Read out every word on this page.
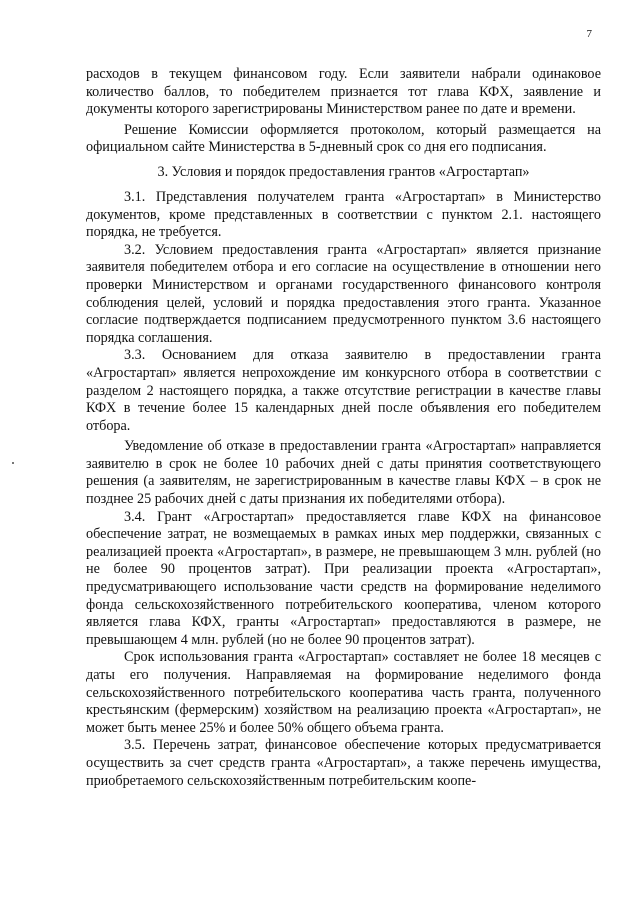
7

расходов в текущем финансовом году. Если заявители набрали одинаковое количество баллов, то победителем признается тот глава КФХ, заявление и документы которого зарегистрированы Министерством ранее по дате и времени.

Решение Комиссии оформляется протоколом, который размещается на официальном сайте Министерства в 5-дневный срок со дня его подписания.

3. Условия и порядок предоставления грантов «Агростартап»

3.1. Представления получателем гранта «Агростартап» в Министерство документов, кроме представленных в соответствии с пунктом 2.1. настоящего порядка, не требуется.

3.2. Условием предоставления гранта «Агростартап» является признание заявителя победителем отбора и его согласие на осуществление в отношении него проверки Министерством и органами государственного финансового контроля соблюдения целей, условий и порядка предоставления этого гранта. Указанное согласие подтверждается подписанием предусмотренного пунктом 3.6 настоящего порядка соглашения.

3.3. Основанием для отказа заявителю в предоставлении гранта «Агростартап» является непрохождение им конкурсного отбора в соответствии с разделом 2 настоящего порядка, а также отсутствие регистрации в качестве главы КФХ в течение более 15 календарных дней после объявления его победителем отбора.

Уведомление об отказе в предоставлении гранта «Агростартап» направляется заявителю в срок не более 10 рабочих дней с даты принятия соответствующего решения (а заявителям, не зарегистрированным в качестве главы КФХ – в срок не позднее 25 рабочих дней с даты признания их победителями отбора).

3.4. Грант «Агростартап» предоставляется главе КФХ на финансовое обеспечение затрат, не возмещаемых в рамках иных мер поддержки, связанных с реализацией проекта «Агростартап», в размере, не превышающем 3 млн. рублей (но не более 90 процентов затрат). При реализации проекта «Агростартап», предусматривающего использование части средств на формирование неделимого фонда сельскохозяйственного потребительского кооператива, членом которого является глава КФХ, гранты «Агростартап» предоставляются в размере, не превышающем 4 млн. рублей (но не более 90 процентов затрат).

Срок использования гранта «Агростартап» составляет не более 18 месяцев с даты его получения. Направляемая на формирование неделимого фонда сельскохозяйственного потребительского кооператива часть гранта, полученного крестьянским (фермерским) хозяйством на реализацию проекта «Агростартап», не может быть менее 25% и более 50% общего объема гранта.

3.5. Перечень затрат, финансовое обеспечение которых предусматривается осуществить за счет средств гранта «Агростартап», а также перечень имущества, приобретаемого сельскохозяйственным потребительским коопе-
